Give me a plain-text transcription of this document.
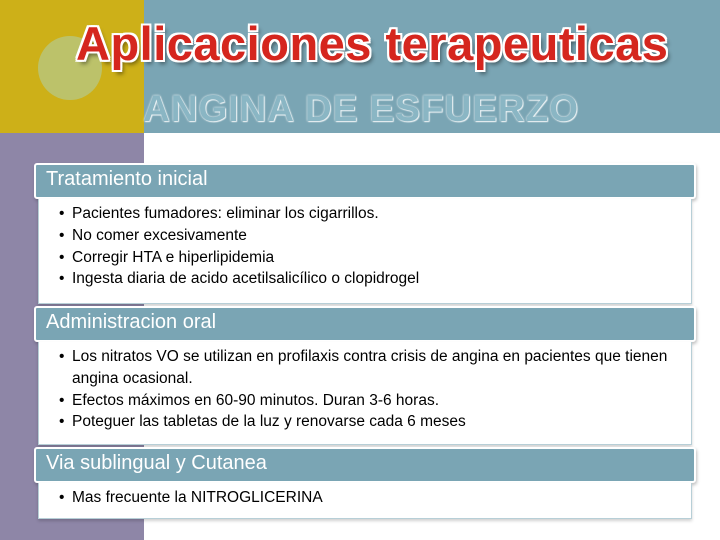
Aplicaciones terapeuticas
ANGINA DE ESFUERZO
Tratamiento inicial
• Pacientes fumadores: eliminar los cigarrillos.
• No comer excesivamente
• Corregir HTA e hiperlipidemia
• Ingesta diaria de acido acetilsalicílico o clopidrogel
Administracion oral
• Los nitratos VO se utilizan en profilaxis contra crisis de angina en pacientes que tienen angina ocasional.
• Efectos máximos en 60-90 minutos. Duran 3-6 horas.
• Poteguer las tabletas de la luz y renovarse cada 6 meses
Via sublingual y Cutanea
• Mas frecuente la NITROGLICERINA
